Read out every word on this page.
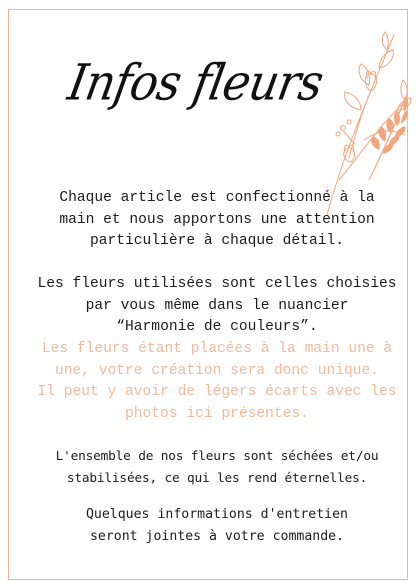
Infos fleurs

Chaque article est confectionné à la
main et nous apportons une attention
particulière à chaque détail.

Les fleurs utilisées sont celles choisies
par vous même dans le nuancier
“Harmonie de couleurs”.

Les fleurs étant placées à la main une à
une, votre création sera donc unique.
Il peut y avoir de légers écarts avec les
photos ici présentes.

L'ensemble de nos fleurs sont séchées et/ou
stabilisées, ce qui les rend éternelles.

Quelques informations d'entretien
seront jointes à votre commande.
